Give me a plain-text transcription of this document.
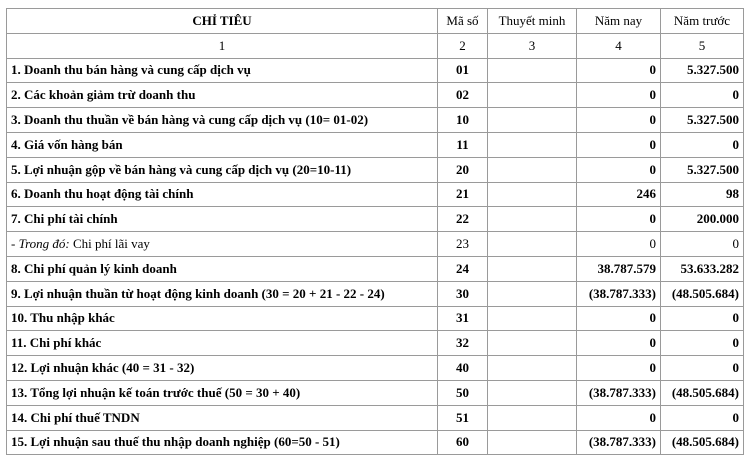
CHỈ TIÊU	Mã số	Thuyết minh	Năm nay	Năm trước
1	2	3	4	5
1. Doanh thu bán hàng và cung cấp dịch vụ	01		0	5.327.500
2. Các khoản giảm trừ doanh thu	02		0	0
3. Doanh thu thuần về bán hàng và cung cấp dịch vụ (10= 01-02)	10		0	5.327.500
4. Giá vốn hàng bán	11		0	0
5. Lợi nhuận gộp về bán hàng và cung cấp dịch vụ (20=10-11)	20		0	5.327.500
6. Doanh thu hoạt động tài chính	21		246	98
7. Chi phí tài chính	22		0	200.000
- Trong đó: Chi phí lãi vay	23		0	0
8. Chi phí quản lý kinh doanh	24		38.787.579	53.633.282
9. Lợi nhuận thuần từ hoạt động kinh doanh (30 = 20 + 21 - 22 - 24)	30		(38.787.333)	(48.505.684)
10. Thu nhập khác	31		0	0
11. Chi phí khác	32		0	0
12. Lợi nhuận khác (40 = 31 - 32)	40		0	0
13. Tổng lợi nhuận kế toán trước thuế (50 = 30 + 40)	50		(38.787.333)	(48.505.684)
14. Chi phí thuế TNDN	51		0	0
15. Lợi nhuận sau thuế thu nhập doanh nghiệp (60=50 - 51)	60		(38.787.333)	(48.505.684)
